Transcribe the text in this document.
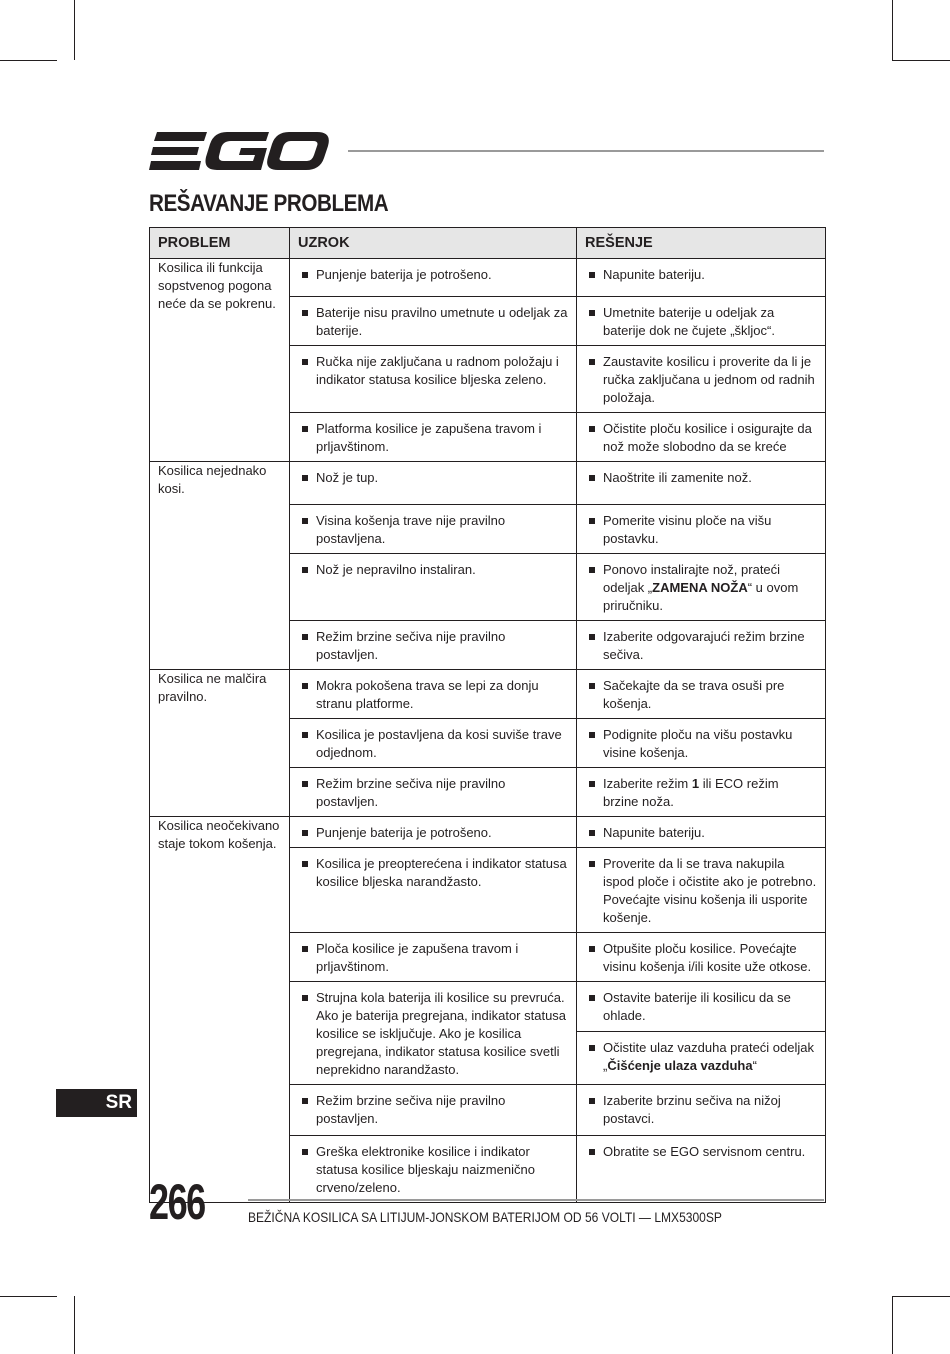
REŠAVANJE PROBLEMA
PROBLEM	UZROK	REŠENJE
Kosilica ili funkcija sopstvenog pogona neće da se pokrenu.	Punjenje baterija je potrošeno.	Napunite bateriju.

	Baterije nisu pravilno umetnute u odeljak za baterije.	Umetnite baterije u odeljak za baterije dok ne čujete „škljoc“.

	Ručka nije zaključana u radnom položaju i indikator statusa kosilice bljeska zeleno.	Zaustavite kosilicu i proverite da li je ručka zaključana u jednom od radnih položaja.

	Platforma kosilice je zapušena travom i prljavštinom.	Očistite ploču kosilice i osigurajte da nož može slobodno da se kreće

Kosilica nejednako kosi.	Nož je tup.	Naoštrite ili zamenite nož.

	Visina košenja trave nije pravilno postavljena.	Pomerite visinu ploče na višu postavku.

	Nož je nepravilno instaliran.	Ponovo instalirajte nož, prateći odeljak „ZAMENA NOŽA“ u ovom priručniku.

	Režim brzine sečiva nije pravilno postavljen.	Izaberite odgovarajući režim brzine sečiva.

Kosilica ne malčira pravilno.	Mokra pokošena trava se lepi za donju stranu platforme.	Sačekajte da se trava osuši pre košenja.

	Kosilica je postavljena da kosi suviše trave odjednom.	Podignite ploču na višu postavku visine košenja.

	Režim brzine sečiva nije pravilno postavljen.	Izaberite režim 1 ili ECO režim brzine noža.

Kosilica neočekivano staje tokom košenja.	Punjenje baterija je potrošeno.	Napunite bateriju.

	Kosilica je preopterećena i indikator statusa kosilice bljeska narandžasto.	Proverite da li se trava nakupila ispod ploče i očistite ako je potrebno. Povećajte visinu košenja ili usporite košenje.

	Ploča kosilice je zapušena travom i prljavštinom.	Otpušite ploču kosilice. Povećajte visinu košenja i/ili kosite uže otkose.

	Strujna kola baterija ili kosilice su prevruća. Ako je baterija pregrejana, indikator statusa kosilice se isključuje. Ako je kosilica pregrejana, indikator statusa kosilice svetli neprekidno narandžasto.	Ostavite baterije ili kosilicu da se ohlade.

		Očistite ulaz vazduha prateći odeljak „Čišćenje ulaza vazduha“

	Režim brzine sečiva nije pravilno postavljen.	Izaberite brzinu sečiva na nižoj postavci.

	Greška elektronike kosilice i indikator statusa kosilice bljeskaju naizmenično crveno/zeleno.	Obratite se EGO servisnom centru.
SR
266	BEŽIČNA KOSILICA SA LITIJUM-JONSKOM BATERIJOM OD 56 VOLTI — LMX5300SP
